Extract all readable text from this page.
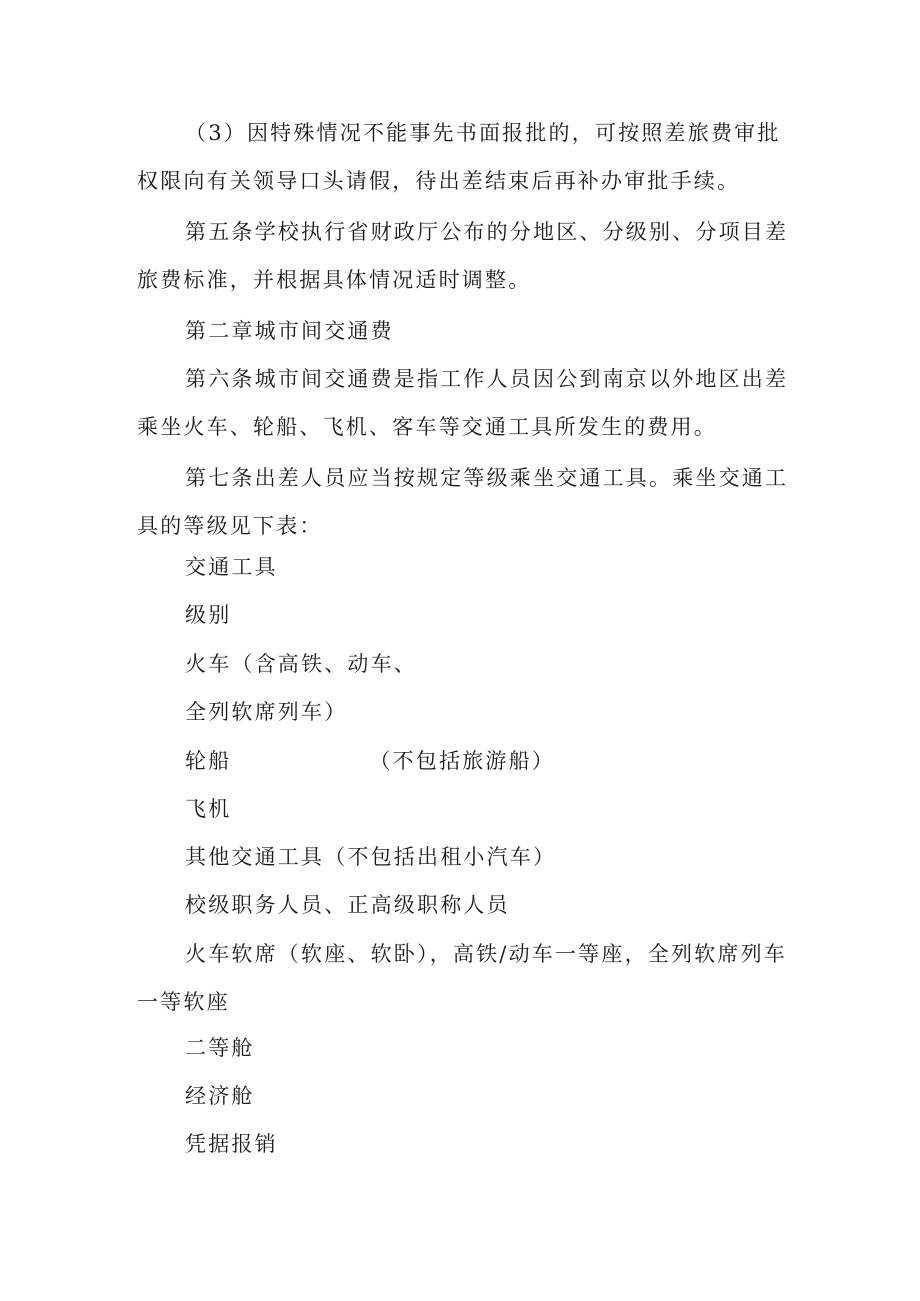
（3）因特殊情况不能事先书面报批的，可按照差旅费审批权限向有关领导口头请假，待出差结束后再补办审批手续。

第五条学校执行省财政厅公布的分地区、分级别、分项目差旅费标准，并根据具体情况适时调整。

第二章城市间交通费

第六条城市间交通费是指工作人员因公到南京以外地区出差乘坐火车、轮船、飞机、客车等交通工具所发生的费用。

第七条出差人员应当按规定等级乘坐交通工具。乘坐交通工具的等级见下表：

交通工具

级别

火车（含高铁、动车、

全列软席列车）

轮船	（不包括旅游船）

飞机

其他交通工具（不包括出租小汽车）

校级职务人员、正高级职称人员

火车软席（软座、软卧），高铁/动车一等座，全列软席列车一等软座

二等舱

经济舱

凭据报销
